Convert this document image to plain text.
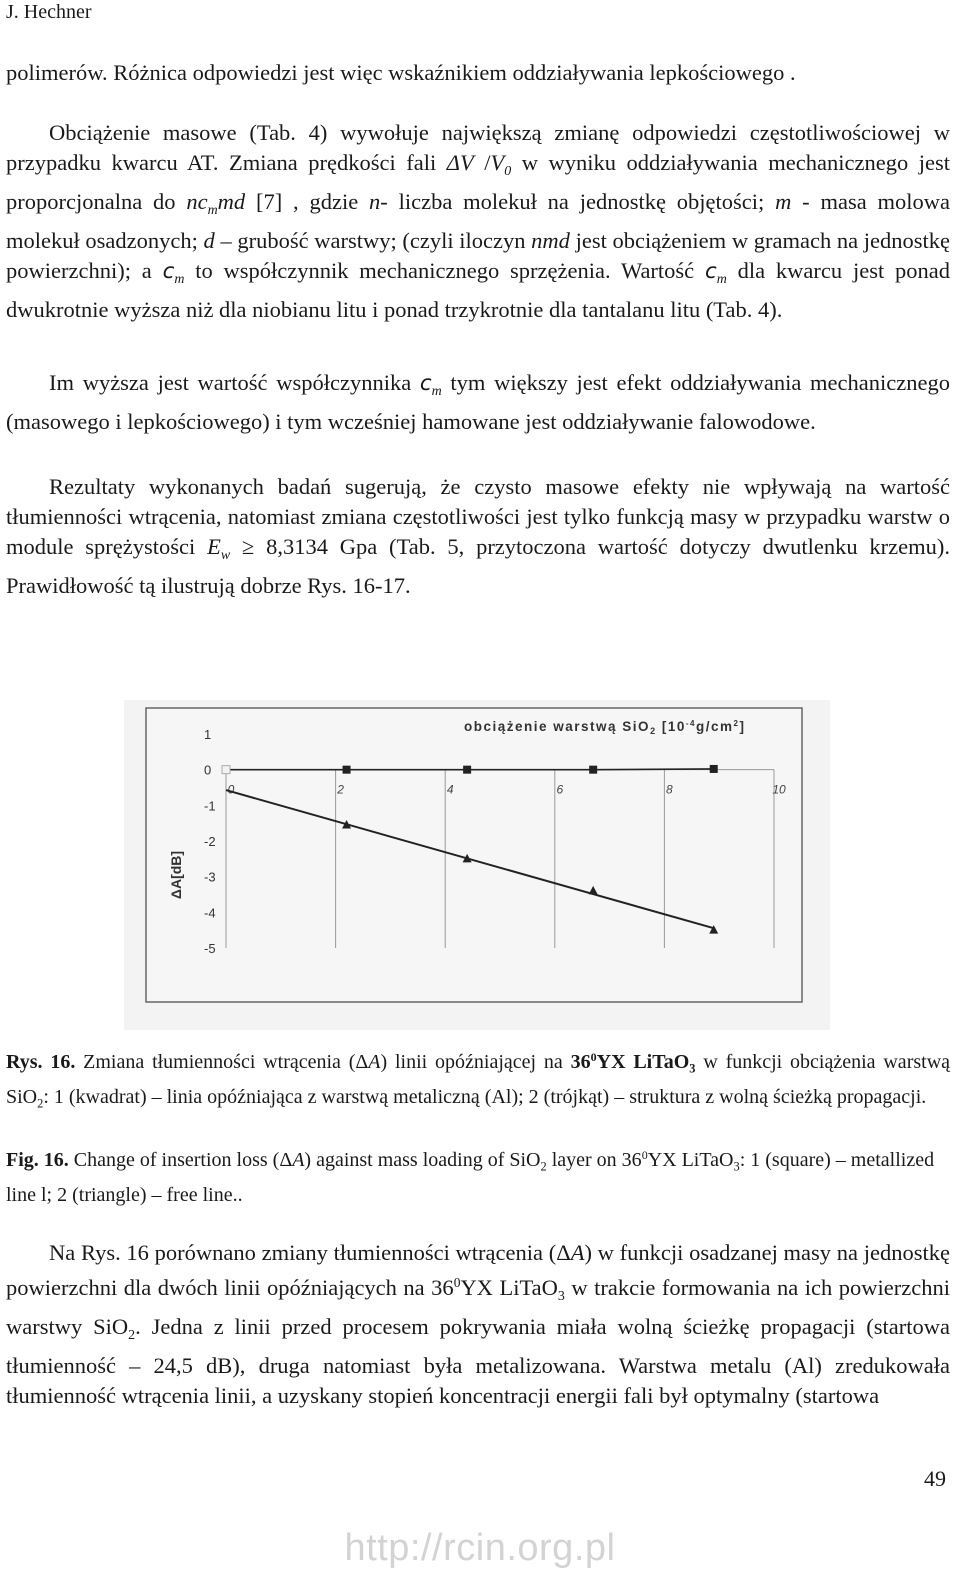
J. Hechner

polimerów. Różnica odpowiedzi jest więc wskaźnikiem oddziaływania lepkościowego .

Obciążenie masowe (Tab. 4) wywołuje największą zmianę odpowiedzi częstotliwościowej w przypadku kwarcu AT. Zmiana prędkości fali ΔV $/V_0$ w wyniku oddziaływania mechanicznego jest proporcjonalna do $nc_mmd$ [7] , gdzie n- liczba molekuł na jednostkę objętości; m - masa molowa molekuł osadzonych; d – grubość warstwy; (czyli iloczyn nmd jest obciążeniem w gramach na jednostkę powierzchni); a $c_m$ to współczynnik mechanicznego sprzężenia. Wartość $c_m$ dla kwarcu jest ponad dwukrotnie wyższa niż dla niobianu litu i ponad trzykrotnie dla tantalanu litu (Tab. 4).

Im wyższa jest wartość współczynnika $c_m$ tym większy jest efekt oddziaływania mechanicznego (masowego i lepkościowego) i tym wcześniej hamowane jest oddziaływanie falowodowe.

Rezultaty wykonanych badań sugerują, że czysto masowe efekty nie wpływają na wartość tłumienności wtrącenia, natomiast zmiana częstotliwości jest tylko funkcją masy w przypadku warstw o module sprężystości $E_w \ge 8,3134$ Gpa (Tab. 5, przytoczona wartość dotyczy dwutlenku krzemu). Prawidłowość tą ilustrują dobrze Rys. 16-17.

1
0
-1
-2
-3
-4
-5
0	2	4	6	8	10
ΔA[dB]
obciążenie warstwą SiO$_2$ $[10^{-4}g/cm^2]$
Rys. 16. Zmiana tłumienności wtrącenia (ΔA) linii opóźniającej na $36^0YX$ LiTaO$_3$ w funkcji obciążenia warstwą SiO$_2$: 1 (kwadrat) – linia opóźniająca z warstwą metaliczną (Al); 2 (trójkąt) – struktura z wolną ścieżką propagacji.
Fig. 16. Change of insertion loss (ΔA) against mass loading of SiO$_2$ layer on $36^0YX$ LiTaO$_3$: 1 (square) – metallized line l; 2 (triangle) – free line..

Na Rys. 16 porównano zmiany tłumienności wtrącenia (ΔA) w funkcji osadzanej masy na jednostkę powierzchni dla dwóch linii opóźniających na $36^0YX$ LiTaO$_3$ w trakcie formowania na ich powierzchni warstwy SiO$_2$. Jedna z linii przed procesem pokrywania miała wolną ścieżkę propagacji (startowa tłumienność – 24,5 dB), druga natomiast była metalizowana. Warstwa metalu (Al) zredukowała tłumienność wtrącenia linii, a uzyskany stopień koncentracji energii fali był optymalny (startowa

49
http://rcin.org.pl
